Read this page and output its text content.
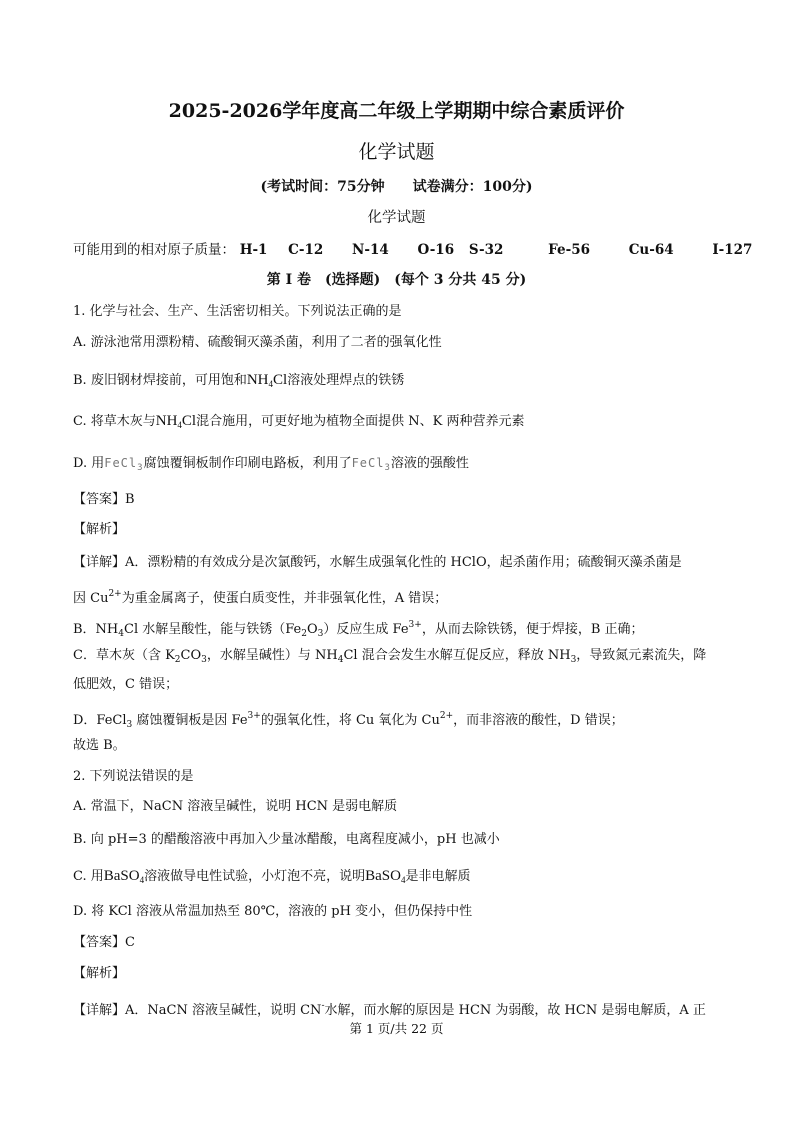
2025-2026学年度高二年级上学期期中综合素质评价
化学试题
(考试时间：75分钟　　试卷满分：100分)
化学试题
可能用到的相对原子质量： H-1 C-12 N-14 O-16 S-32	Fe-56	Cu-64	I-127
第 I 卷　(选择题)　(每个 3 分共 45 分)
1. 化学与社会、生产、生活密切相关。下列说法正确的是
A. 游泳池常用漂粉精、硫酸铜灭藻杀菌，利用了二者的强氧化性
B. 废旧钢材焊接前，可用饱和$NH_4Cl$溶液处理焊点的铁锈
C. 将草木灰与$NH_4Cl$混合施用，可更好地为植物全面提供 N、K 两种营养元素
D. 用FeCl$_3$腐蚀覆铜板制作印刷电路板，利用了FeCl$_3$溶液的强酸性
【答案】B
【解析】
【详解】A．漂粉精的有效成分是次氯酸钙，水解生成强氧化性的 HClO，起杀菌作用；硫酸铜灭藻杀菌是
因 $Cu^{2+}$为重金属离子，使蛋白质变性，并非强氧化性，A 错误；
B．$NH_4Cl$ 水解呈酸性，能与铁锈$(Fe_2O_3)$反应生成 $Fe^{3+}$，从而去除铁锈，便于焊接，B 正确；
C．草木灰（含 $K_2CO_3$，水解呈碱性）与 $NH_4Cl$ 混合会发生水解互促反应，释放 $NH_3$，导致氮元素流失，降
低肥效，C 错误；
D．FeCl$_3$ 腐蚀覆铜板是因 $Fe^{3+}$的强氧化性，将 Cu 氧化为 $Cu^{2+}$，而非溶液的酸性，D 错误；
故选 B。
2. 下列说法错误的是
A. 常温下，NaCN 溶液呈碱性，说明 HCN 是弱电解质
B. 向 pH=3 的醋酸溶液中再加入少量冰醋酸，电离程度减小，pH 也减小
C. 用BaSO$_4$溶液做导电性试验，小灯泡不亮，说明BaSO$_4$是非电解质
D. 将 KCl 溶液从常温加热至 80℃，溶液的 pH 变小，但仍保持中性
【答案】C
【解析】
【详解】A．NaCN 溶液呈碱性，说明 CN-水解，而水解的原因是 HCN 为弱酸，故 HCN 是弱电解质，A 正
第 1 页/共 22 页
